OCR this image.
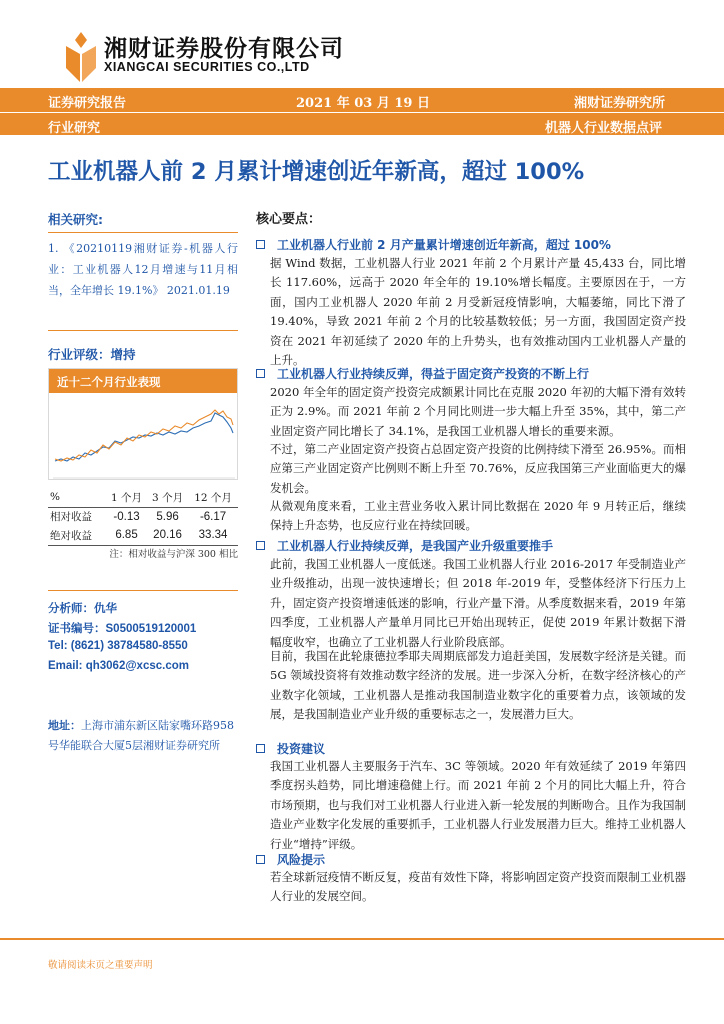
湘财证券股份有限公司
XIANGCAI SECURITIES CO.,LTD
证券研究报告	2021 年 03 月 19 日	湘财证券研究所
行业研究	机器人行业数据点评
工业机器人前 2 月累计增速创近年新高，超过 100%
相关研究:
1. 《20210119湘财证券-机器人行业：工业机器人12月增速与11月相当，全年增长 19.1%》 2021.01.19
行业评级：增持
近十二个月行业表现
%	1 个月	3 个月	12 个月
相对收益	-0.13	5.96	-6.17
绝对收益	6.85	20.16	33.34
注：相对收益与沪深 300 相比
分析师：仇华
证书编号：S0500519120001
Tel: (8621) 38784580-8550
Email: qh3062@xcsc.com
地址：上海市浦东新区陆家嘴环路958号华能联合大厦5层湘财证券研究所
核心要点：
工业机器人行业前 2 月产量累计增速创近年新高，超过 100%
据 Wind 数据，工业机器人行业 2021 年前 2 个月累计产量 45,433 台，同比增长 117.60%，远高于 2020 年全年的 19.10%增长幅度。主要原因在于，一方面，国内工业机器人 2020 年前 2 月受新冠疫情影响，大幅萎缩，同比下滑了 19.40%，导致 2021 年前 2 个月的比较基数较低；另一方面，我国固定资产投资在 2021 年初延续了 2020 年的上升势头，也有效推动国内工业机器人产量的上升。
工业机器人行业持续反弹，得益于固定资产投资的不断上行
2020 年全年的固定资产投资完成额累计同比在克服 2020 年初的大幅下滑有效转正为 2.9%。而 2021 年前 2 个月同比则进一步大幅上升至 35%，其中，第二产业固定资产同比增长了 34.1%，是我国工业机器人增长的重要来源。
不过，第二产业固定资产投资占总固定资产投资的比例持续下滑至 26.95%。而相应第三产业固定资产比例则不断上升至 70.76%，反应我国第三产业面临更大的爆发机会。
从微观角度来看，工业主营业务收入累计同比数据在 2020 年 9 月转正后，继续保持上升态势，也反应行业在持续回暖。
工业机器人行业持续反弹，是我国产业升级重要推手
此前，我国工业机器人一度低迷。我国工业机器人行业 2016-2017 年受制造业产业升级推动，出现一波快速增长；但 2018 年-2019 年，受整体经济下行压力上升，固定资产投资增速低迷的影响，行业产量下滑。从季度数据来看，2019 年第四季度，工业机器人产量单月同比已开始出现转正，促使 2019 年累计数据下滑幅度收窄，也确立了工业机器人行业阶段底部。
目前，我国在此轮康德拉季耶夫周期底部发力追赶美国，发展数字经济是关键。而 5G 领域投资将有效推动数字经济的发展。进一步深入分析，在数字经济核心的产业数字化领域，工业机器人是推动我国制造业数字化的重要着力点，该领域的发展，是我国制造业产业升级的重要标志之一，发展潜力巨大。
投资建议
我国工业机器人主要服务于汽车、3C 等领域。2020 年有效延续了 2019 年第四季度拐头趋势，同比增速稳健上行。而 2021 年前 2 个月的同比大幅上升，符合市场预期，也与我们对工业机器人行业进入新一轮发展的判断吻合。且作为我国制造业产业数字化发展的重要抓手，工业机器人行业发展潜力巨大。维持工业机器人行业“增持”评级。
风险提示
若全球新冠疫情不断反复，疫苗有效性下降，将影响固定资产投资而限制工业机器人行业的发展空间。
敬请阅读末页之重要声明
